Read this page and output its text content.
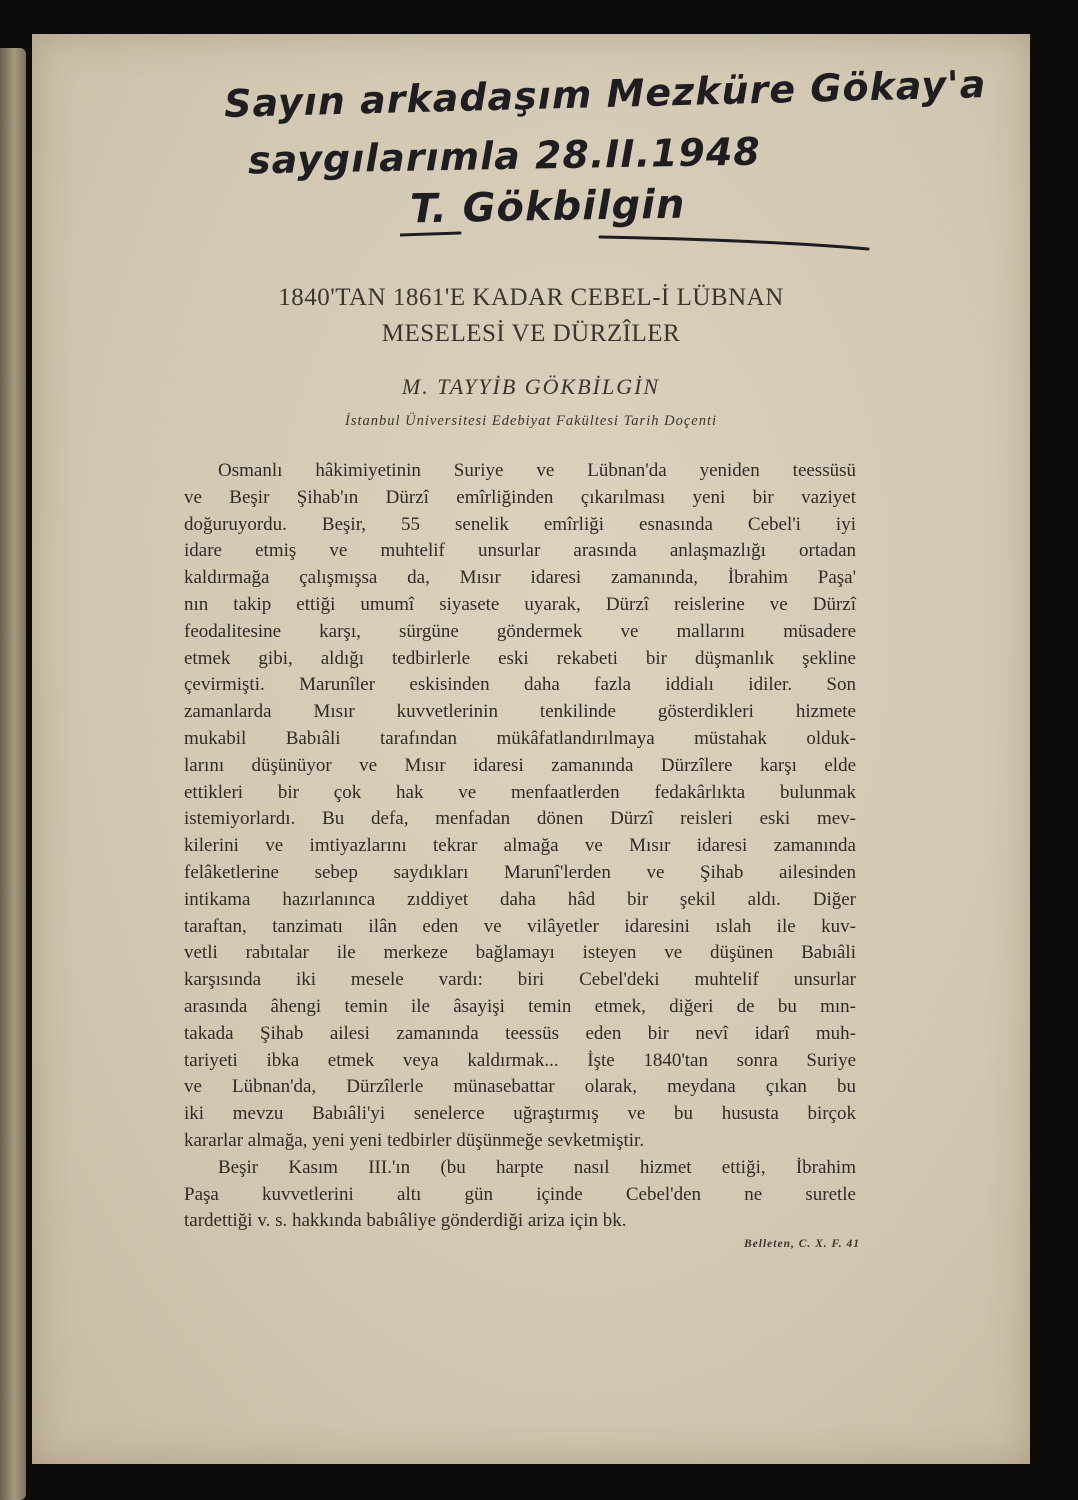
Sayın arkadaşım Mezküre Gökay'a
saygılarımla 28.II.1948
T. Gökbilgin
1840'TAN 1861'E KADAR CEBEL-İ LÜBNAN
MESELESİ VE DÜRZÎLER
M. TAYYİB GÖKBİLGİN
İstanbul Üniversitesi Edebiyat Fakültesi Tarih Doçenti
Osmanlı hâkimiyetinin Suriye ve Lübnan'da yeniden teessüsü
ve Beşir Şihab'ın Dürzî emîrliğinden çıkarılması yeni bir vaziyet
doğuruyordu. Beşir, 55 senelik emîrliği esnasında Cebel'i iyi
idare etmiş ve muhtelif unsurlar arasında anlaşmazlığı ortadan
kaldırmağa çalışmışsa da, Mısır idaresi zamanında, İbrahim Paşa'
nın takip ettiği umumî siyasete uyarak, Dürzî reislerine ve Dürzî
feodalitesine karşı, sürgüne göndermek ve mallarını müsadere
etmek gibi, aldığı tedbirlerle eski rekabeti bir düşmanlık şekline
çevirmişti. Marunîler eskisinden daha fazla iddialı idiler. Son
zamanlarda Mısır kuvvetlerinin tenkilinde gösterdikleri hizmete
mukabil Babıâli tarafından mükâfatlandırılmaya müstahak olduk-
larını düşünüyor ve Mısır idaresi zamanında Dürzîlere karşı elde
ettikleri bir çok hak ve menfaatlerden fedakârlıkta bulunmak
istemiyorlardı. Bu defa, menfadan dönen Dürzî reisleri eski mev-
kilerini ve imtiyazlarını tekrar almağa ve Mısır idaresi zamanında
felâketlerine sebep saydıkları Marunî'lerden ve Şihab ailesinden
intikama hazırlanınca zıddiyet daha hâd bir şekil aldı. Diğer
taraftan, tanzimatı ilân eden ve vilâyetler idaresini ıslah ile kuv-
vetli rabıtalar ile merkeze bağlamayı isteyen ve düşünen Babıâli
karşısında iki mesele vardı: biri Cebel'deki muhtelif unsurlar
arasında âhengi temin ile âsayişi temin etmek, diğeri de bu mın-
takada Şihab ailesi zamanında teessüs eden bir nevî idarî muh-
tariyeti ibka etmek veya kaldırmak... İşte 1840'tan sonra Suriye
ve Lübnan'da, Dürzîlerle münasebattar olarak, meydana çıkan bu
iki mevzu Babıâli'yi senelerce uğraştırmış ve bu hususta birçok
kararlar almağa, yeni yeni tedbirler düşünmeğe sevketmiştir.
Beşir Kasım III.'ın (bu harpte nasıl hizmet ettiği, İbrahim
Paşa kuvvetlerini altı gün içinde Cebel'den ne suretle
tardettiği v. s. hakkında babıâliye gönderdiği ariza için bk.
Belleten, C. X. F. 41
